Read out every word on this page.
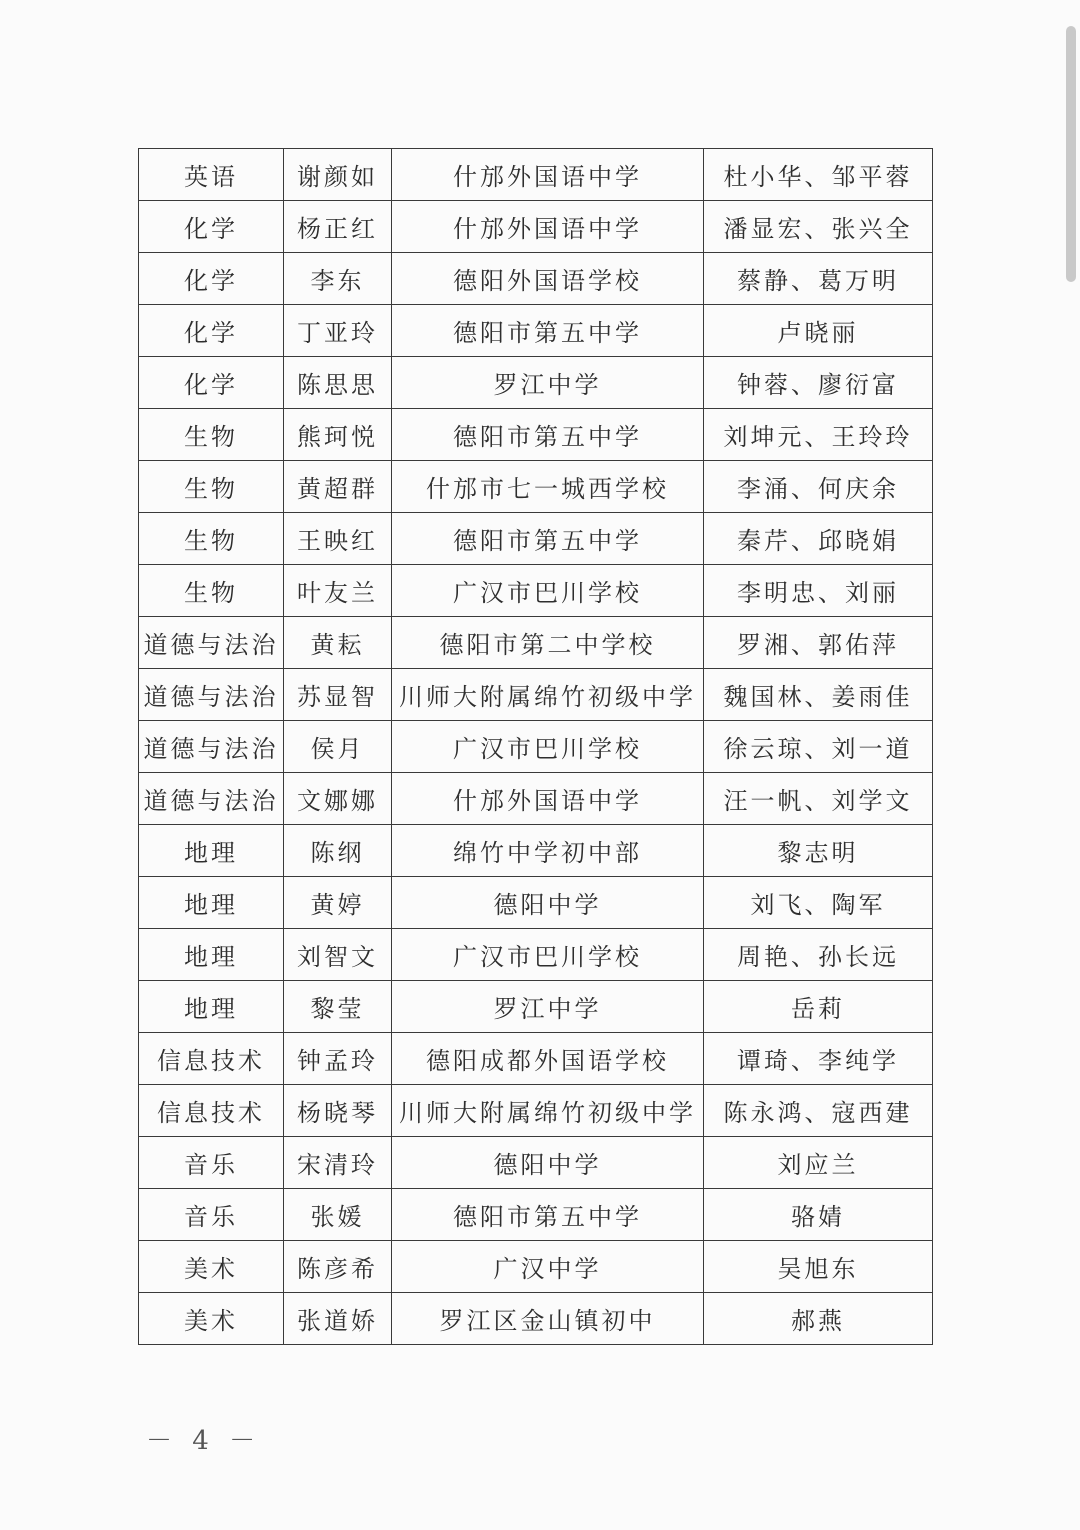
英语	谢颜如	什邡外国语中学	杜小华、邹平蓉
化学	杨正红	什邡外国语中学	潘显宏、张兴全
化学	李东	德阳外国语学校	蔡静、葛万明
化学	丁亚玲	德阳市第五中学	卢晓丽
化学	陈思思	罗江中学	钟蓉、廖衍富
生物	熊珂悦	德阳市第五中学	刘坤元、王玲玲
生物	黄超群	什邡市七一城西学校	李涌、何庆余
生物	王映红	德阳市第五中学	秦芹、邱晓娟
生物	叶友兰	广汉市巴川学校	李明忠、刘丽
道德与法治	黄耘	德阳市第二中学校	罗湘、郭佑萍
道德与法治	苏显智	川师大附属绵竹初级中学	魏国林、姜雨佳
道德与法治	侯月	广汉市巴川学校	徐云琼、刘一道
道德与法治	文娜娜	什邡外国语中学	汪一帆、刘学文
地理	陈纲	绵竹中学初中部	黎志明
地理	黄婷	德阳中学	刘飞、陶军
地理	刘智文	广汉市巴川学校	周艳、孙长远
地理	黎莹	罗江中学	岳莉
信息技术	钟孟玲	德阳成都外国语学校	谭琦、李纯学
信息技术	杨晓琴	川师大附属绵竹初级中学	陈永鸿、寇西建
音乐	宋清玲	德阳中学	刘应兰
音乐	张媛	德阳市第五中学	骆婧
美术	陈彦希	广汉中学	吴旭东
美术	张道娇	罗江区金山镇初中	郝燕
－ 4 －
